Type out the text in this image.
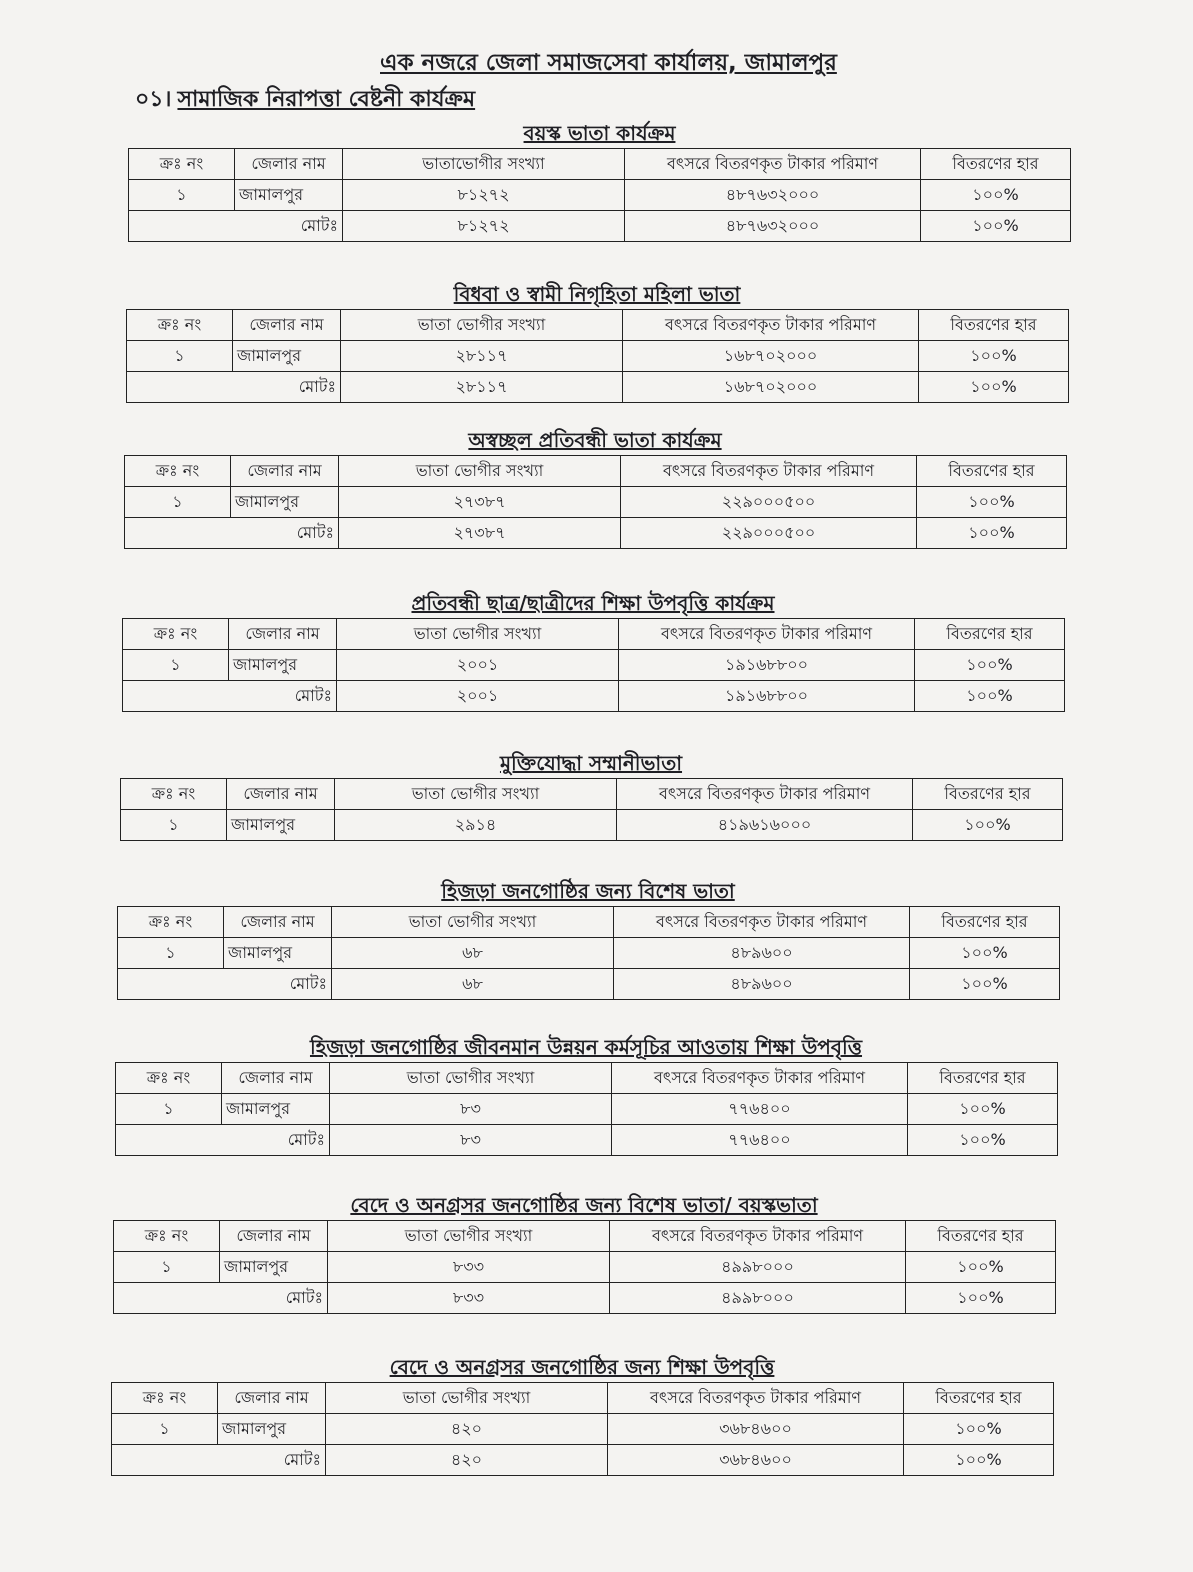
এক নজরে জেলা সমাজসেবা কার্যালয়, জামালপুর
০১। সামাজিক নিরাপত্তা বেষ্টনী কার্যক্রম
বয়স্ক ভাতা কার্যক্রম
ক্রঃ নং	জেলার নাম	ভাতাভোগীর সংখ্যা	বৎসরে বিতরণকৃত টাকার পরিমাণ	বিতরণের হার
১	জামালপুর	৮১২৭২	৪৮৭৬৩২০০০	১০০%
মোটঃ		৮১২৭২	৪৮৭৬৩২০০০	১০০%
বিধবা ও স্বামী নিগৃহিতা মহিলা ভাতা
ক্রঃ নং	জেলার নাম	ভাতা ভোগীর সংখ্যা	বৎসরে বিতরণকৃত টাকার পরিমাণ	বিতরণের হার
১	জামালপুর	২৮১১৭	১৬৮৭০২০০০	১০০%
মোটঃ		২৮১১৭	১৬৮৭০২০০০	১০০%
অস্বচ্ছল প্রতিবন্ধী ভাতা কার্যক্রম
ক্রঃ নং	জেলার নাম	ভাতা ভোগীর সংখ্যা	বৎসরে বিতরণকৃত টাকার পরিমাণ	বিতরণের হার
১	জামালপুর	২৭৩৮৭	২২৯০০০৫০০	১০০%
মোটঃ		২৭৩৮৭	২২৯০০০৫০০	১০০%
প্রতিবন্ধী ছাত্র/ছাত্রীদের শিক্ষা উপবৃত্তি কার্যক্রম
ক্রঃ নং	জেলার নাম	ভাতা ভোগীর সংখ্যা	বৎসরে বিতরণকৃত টাকার পরিমাণ	বিতরণের হার
১	জামালপুর	২০০১	১৯১৬৮৮০০	১০০%
মোটঃ		২০০১	১৯১৬৮৮০০	১০০%
মুক্তিযোদ্ধা সম্মানীভাতা
ক্রঃ নং	জেলার নাম	ভাতা ভোগীর সংখ্যা	বৎসরে বিতরণকৃত টাকার পরিমাণ	বিতরণের হার
১	জামালপুর	২৯১৪	৪১৯৬১৬০০০	১০০%
হিজড়া জনগোষ্ঠির জন্য বিশেষ ভাতা
ক্রঃ নং	জেলার নাম	ভাতা ভোগীর সংখ্যা	বৎসরে বিতরণকৃত টাকার পরিমাণ	বিতরণের হার
১	জামালপুর	৬৮	৪৮৯৬০০	১০০%
মোটঃ		৬৮	৪৮৯৬০০	১০০%
হিজড়া জনগোষ্ঠির জীবনমান উন্নয়ন কর্মসূচির আওতায় শিক্ষা উপবৃত্তি
ক্রঃ নং	জেলার নাম	ভাতা ভোগীর সংখ্যা	বৎসরে বিতরণকৃত টাকার পরিমাণ	বিতরণের হার
১	জামালপুর	৮৩	৭৭৬৪০০	১০০%
মোটঃ		৮৩	৭৭৬৪০০	১০০%
বেদে ও অনগ্রসর জনগোষ্ঠির জন্য বিশেষ ভাতা/ বয়স্কভাতা
ক্রঃ নং	জেলার নাম	ভাতা ভোগীর সংখ্যা	বৎসরে বিতরণকৃত টাকার পরিমাণ	বিতরণের হার
১	জামালপুর	৮৩৩	৪৯৯৮০০০	১০০%
মোটঃ		৮৩৩	৪৯৯৮০০০	১০০%
বেদে ও অনগ্রসর জনগোষ্ঠির জন্য শিক্ষা উপবৃত্তি
ক্রঃ নং	জেলার নাম	ভাতা ভোগীর সংখ্যা	বৎসরে বিতরণকৃত টাকার পরিমাণ	বিতরণের হার
১	জামালপুর	৪২০	৩৬৮৪৬০০	১০০%
মোটঃ		৪২০	৩৬৮৪৬০০	১০০%
